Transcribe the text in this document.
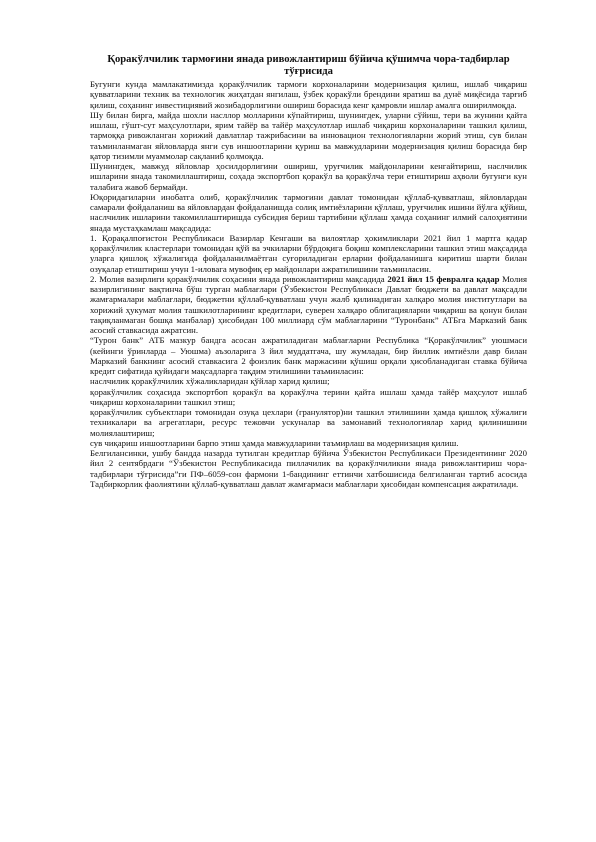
Қоракўлчилик тармоғини янада ривожлантириш бўйича қўшимча чора-тадбирлар тўғрисида

Бугунги кунда мамлакатимизда қоракўлчилик тармоғи корхоналарини модернизация қилиш, ишлаб чиқариш қувватларини техник ва технологик жиҳатдан янгилаш, ўзбек қоракўли брендини яратиш ва дунё миқёсида тарғиб қилиш, соҳанинг инвестициявий жозибадорлигини ошириш борасида кенг қамровли ишлар амалга оширилмоқда.

Шу билан бирга, майда шохли насллор молларини кўпайтириш, шунингдек, уларни сўйиш, тери ва жунини қайта ишлаш, гўшт-сут маҳсулотлари, ярим тайёр ва тайёр маҳсулотлар ишлаб чиқариш корхоналарини ташкил қилиш, тармоққа ривожланган хорижий давлатлар тажрибасини ва инновацион технологияларни жорий этиш, сув билан таъминланмаган яйловларда янги сув иншоотларини қуриш ва мавжудларини модернизация қилиш борасида бир қатор тизимли муаммолар сақланиб қолмоқда.

Шунингдек, мавжуд яйловлар ҳосилдорлигини ошириш, уруғчилик майдонларини кенгайтириш, наслчилик ишларини янада такомиллаштириш, соҳада экспортбоп қоракўл ва қоракўлча тери етиштириш аҳволи бугунги кун талабига жавоб бермайди.

Юқоридагиларни инобатга олиб, қоракўлчилик тармоғини давлат томонидан қўллаб-қувватлаш, яйловлардан самарали фойдаланиш ва яйловлардан фойдаланишда солиқ имтиёзларини қўллаш, уруғчилик ишини йўлга қўйиш, наслчилик ишларини такомиллаштиришда субсидия бериш тартибини қўллаш ҳамда соҳанинг илмий салоҳиятини янада мустаҳкамлаш мақсадида:

1. Қорақалпоғистон Республикаси Вазирлар Кенгаши ва вилоятлар ҳокимликлари 2021 йил 1 мартга қадар қоракўлчилик кластерлари томонидан қўй ва эчкиларни бўрдоқига боқиш комплексларини ташкил этиш мақсадида уларга қишлоқ хўжалигида фойдаланилмаётган суғориладиган ерларни фойдаланишга киритиш шарти билан озуқалар етиштириш учун 1-иловага мувофиқ ер майдонлари ажратилишини таъминласин.

2. Молия вазирлиги қоракўлчилик соҳасини янада ривожлантириш мақсадида 2021 йил 15 февралга қадар Молия вазирлигининг вақтинча бўш турган маблағлари (Ўзбекистон Республикаси Давлат бюджети ва давлат мақсадли жамғармалари маблағлари, бюджетни қўллаб-қувватлаш учун жалб қилинадиган халқаро молия институтлари ва хорижий ҳукумат молия ташкилотларининг кредитлари, суверен халқаро облигацияларни чиқариш ва қонун билан тақиқланмаган бошқа манбалар) ҳисобидан 100 миллиард сўм маблағларини “Туронбанк” АТБга Марказий банк асосий ставкасида ажратсин.

“Турон банк” АТБ мазкур бандга асосан ажратиладиган маблағларни Республика “Қоракўлчилик” уюшмаси (кейинги ўринларда – Уюшма) аъзоларига 3 йил муддатгача, шу жумладан, бир йиллик имтиёзли давр билан Марказий банкнинг асосий ставкасига 2 фоизлик банк маржасини қўшиш орқали ҳисобланадиган ставка бўйича кредит сифатида қуйидаги мақсадларга тақдим этилишини таъминласин:

наслчилик қоракўлчилик хўжаликларидан қўйлар харид қилиш;

қоракўлчилик соҳасида экспортбоп қоракўл ва қоракўлча терини қайта ишлаш ҳамда тайёр маҳсулот ишлаб чиқариш корхоналарини ташкил этиш;

қоракўлчилик субъектлари томонидан озуқа цехлари (гранулятор)ни ташкил этилишини ҳамда қишлоқ хўжалиги техникалари ва агрегатлари, ресурс тежовчи ускуналар ва замонавий технологиялар харид қилинишини молиялаштириш;

сув чиқариш иншоотларини барпо этиш ҳамда мавжудларини таъмирлаш ва модернизация қилиш.

Белгилансинки, ушбу бандда назарда тутилган кредитлар бўйича Ўзбекистон Республикаси Президентининг 2020 йил 2 сентябрдаги “Ўзбекистон Республикасида пиллачилик ва қоракўлчиликни янада ривожлантириш чора-тадбирлари тўғрисида”ги ПФ–6059-сон фармони 1-бандининг еттинчи хатбошисида белгиланган тартиб асосида Тадбиркорлик фаолиятини қўллаб-қувватлаш давлат жамғармаси маблағлари ҳисобидан компенсация ажратилади.
